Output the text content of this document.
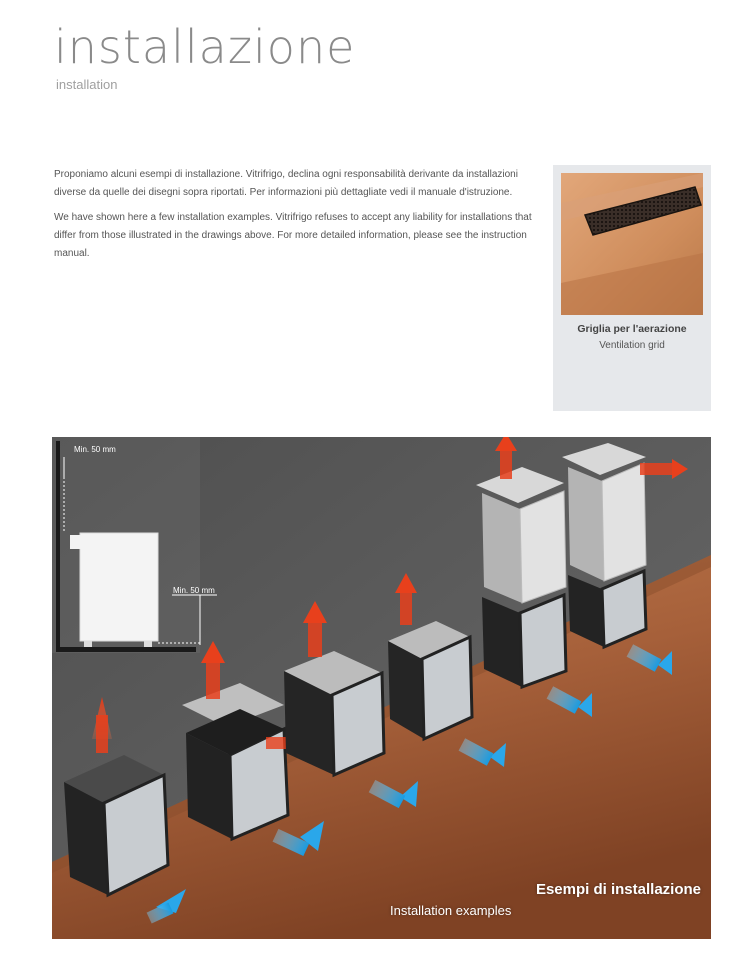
installazione
installation

Proponiamo alcuni esempi di installazione. Vitrifrigo, declina ogni responsabilità derivante da installazioni diverse da quelle dei disegni sopra riportati. Per informazioni più dettagliate vedi il manuale d'istruzione.

We have shown here a few installation examples. Vitrifrigo refuses to accept any liability for installations that differ from those illustrated in the drawings above. For more detailed information, please see the instruction manual.

Griglia per l'aerazione
Ventilation grid
Min. 50 mm
Min. 50 mm
Esempi di installazione
Installation examples
